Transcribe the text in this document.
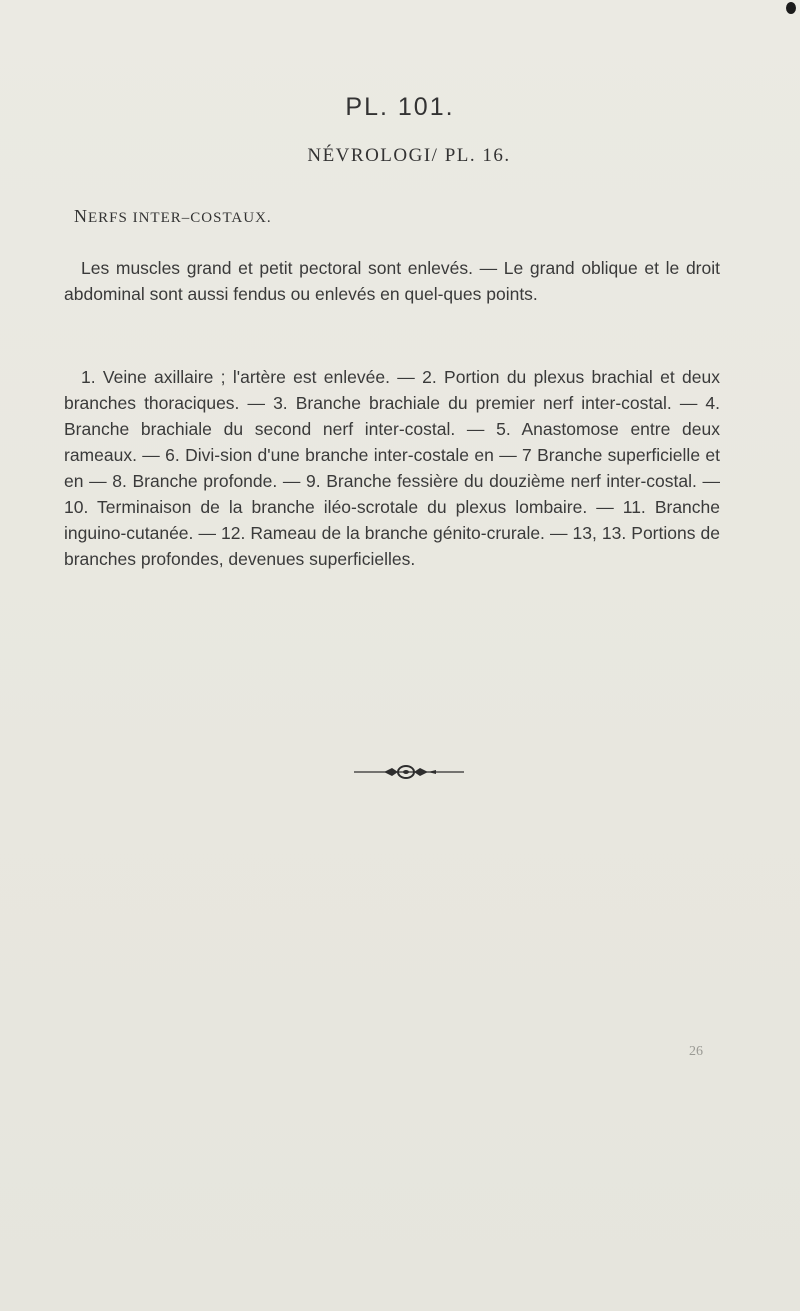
PL. 101.
NÉVROLOGI/ PL. 16.
NERFS INTER–COSTAUX.

Les muscles grand et petit pectoral sont enlevés. — Le grand oblique et le droit abdominal sont aussi fendus ou enlevés en quel-ques points.

1. Veine axillaire ; l'artère est enlevée. — 2. Portion du plexus brachial et deux branches thoraciques. — 3. Branche brachiale du premier nerf inter-costal. — 4. Branche brachiale du second nerf inter-costal. — 5. Anastomose entre deux rameaux. — 6. Divi-sion d'une branche inter-costale en — 7 Branche superficielle et en — 8. Branche profonde. — 9. Branche fessière du douzième nerf inter-costal. — 10. Terminaison de la branche iléo-scrotale du plexus lombaire. — 11. Branche inguino-cutanée. — 12. Rameau de la branche génito-crurale. — 13, 13. Portions de branches profondes, devenues superficielles.

26
